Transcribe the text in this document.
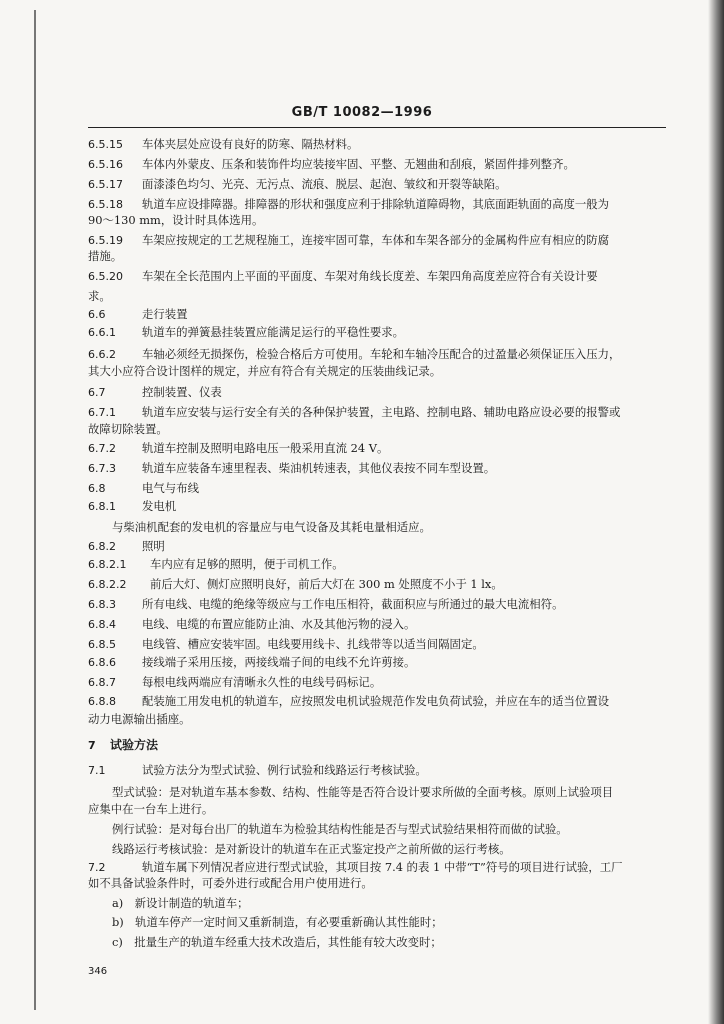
GB/T 10082—1996
6.5.15 车体夹层处应设有良好的防寒、隔热材料。
6.5.16 车体内外蒙皮、压条和装饰件均应装接牢固、平整、无翘曲和刮痕，紧固件排列整齐。
6.5.17 面漆漆色均匀、光亮、无污点、流痕、脱层、起泡、皱纹和开裂等缺陷。
6.5.18 轨道车应设排障器。排障器的形状和强度应利于排除轨道障碍物，其底面距轨面的高度一般为
90～130 mm，设计时具体选用。
6.5.19 车架应按规定的工艺规程施工，连接牢固可靠，车体和车架各部分的金属构件应有相应的防腐
措施。
6.5.20 车架在全长范围内上平面的平面度、车架对角线长度差、车架四角高度差应符合有关设计要
求。
6.6	走行装置
6.6.1 轨道车的弹簧悬挂装置应能满足运行的平稳性要求。
6.6.2 车轴必须经无损探伤，检验合格后方可使用。车轮和车轴冷压配合的过盈量必须保证压入压力，
其大小应符合设计图样的规定，并应有符合有关规定的压装曲线记录。
6.7	控制装置、仪表
6.7.1 轨道车应安装与运行安全有关的各种保护装置，主电路、控制电路、辅助电路应设必要的报警或
故障切除装置。
6.7.2 轨道车控制及照明电路电压一般采用直流 24 V。
6.7.3 轨道车应装备车速里程表、柴油机转速表，其他仪表按不同车型设置。
6.8	电气与布线
6.8.1 发电机
与柴油机配套的发电机的容量应与电气设备及其耗电量相适应。
6.8.2 照明
6.8.2.1 车内应有足够的照明，便于司机工作。
6.8.2.2 前后大灯、侧灯应照明良好，前后大灯在 300 m 处照度不小于 1 lx。
6.8.3 所有电线、电缆的绝缘等级应与工作电压相符，截面积应与所通过的最大电流相符。
6.8.4 电线、电缆的布置应能防止油、水及其他污物的浸入。
6.8.5 电线管、槽应安装牢固。电线要用线卡、扎线带等以适当间隔固定。
6.8.6 接线端子采用压接，两接线端子间的电线不允许剪接。
6.8.7 每根电线两端应有清晰永久性的电线号码标记。
6.8.8 配装施工用发电机的轨道车，应按照发电机试验规范作发电负荷试验，并应在车的适当位置设
动力电源输出插座。
7 试验方法
7.1	试验方法分为型式试验、例行试验和线路运行考核试验。
型式试验：是对轨道车基本参数、结构、性能等是否符合设计要求所做的全面考核。原则上试验项目
应集中在一台车上进行。
例行试验：是对每台出厂的轨道车为检验其结构性能是否与型式试验结果相符而做的试验。
线路运行考核试验：是对新设计的轨道车在正式鉴定投产之前所做的运行考核。
7.2	轨道车属下列情况者应进行型式试验，其项目按 7.4 的表 1 中带“T”符号的项目进行试验，工厂
如不具备试验条件时，可委外进行或配合用户使用进行。
a)　新设计制造的轨道车；
b)　轨道车停产一定时间又重新制造，有必要重新确认其性能时；
c)　批量生产的轨道车经重大技术改造后，其性能有较大改变时；
346
